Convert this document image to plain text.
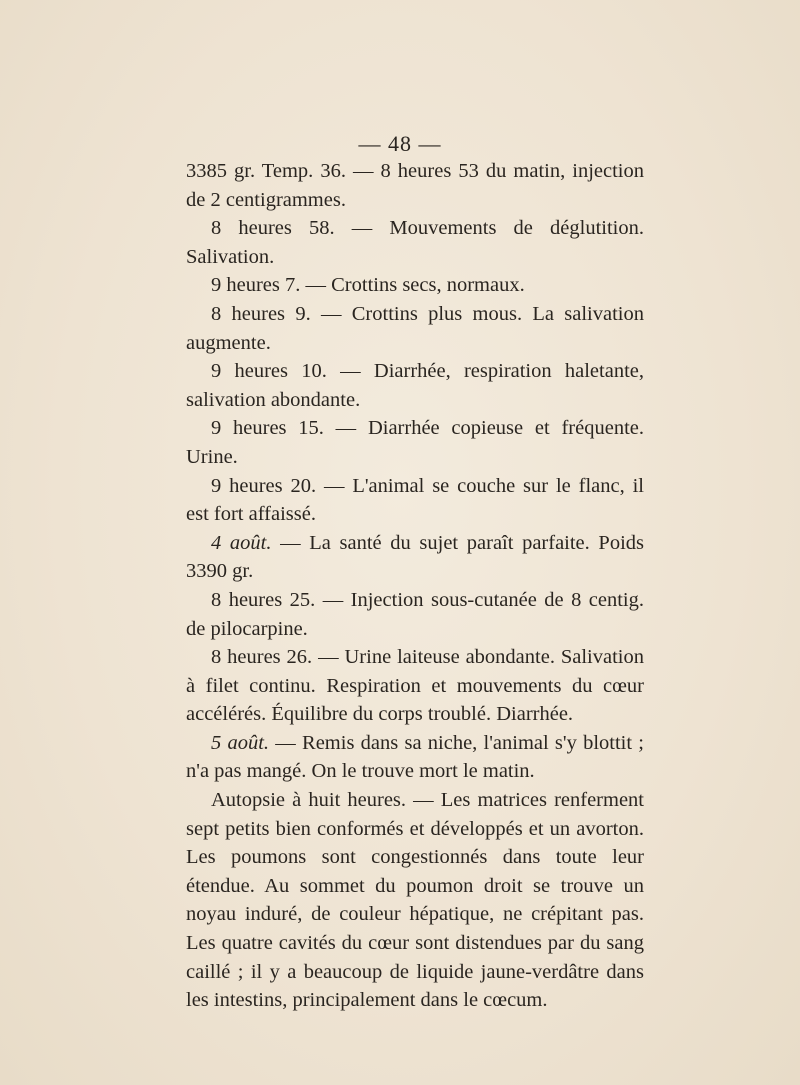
— 48 —

3385 gr. Temp. 36. — 8 heures 53 du matin, injection de 2 centigrammes.

8 heures 58. — Mouvements de déglutition. Salivation.

9 heures 7. — Crottins secs, normaux.

8 heures 9. — Crottins plus mous. La salivation augmente.

9 heures 10. — Diarrhée, respiration haletante, salivation abondante.

9 heures 15. — Diarrhée copieuse et fréquente. Urine.

9 heures 20. — L'animal se couche sur le flanc, il est fort affaissé.

4 août. — La santé du sujet paraît parfaite. Poids 3390 gr.

8 heures 25. — Injection sous-cutanée de 8 centig. de pilocarpine.

8 heures 26. — Urine laiteuse abondante. Salivation à filet continu. Respiration et mouvements du cœur accélérés. Équilibre du corps troublé. Diarrhée.

5 août. — Remis dans sa niche, l'animal s'y blottit ; n'a pas mangé. On le trouve mort le matin.

Autopsie à huit heures. — Les matrices renferment sept petits bien conformés et développés et un avorton. Les poumons sont congestionnés dans toute leur étendue. Au sommet du poumon droit se trouve un noyau induré, de couleur hépatique, ne crépitant pas. Les quatre cavités du cœur sont distendues par du sang caillé ; il y a beaucoup de liquide jaune-verdâtre dans les intestins, principalement dans le cœcum.
